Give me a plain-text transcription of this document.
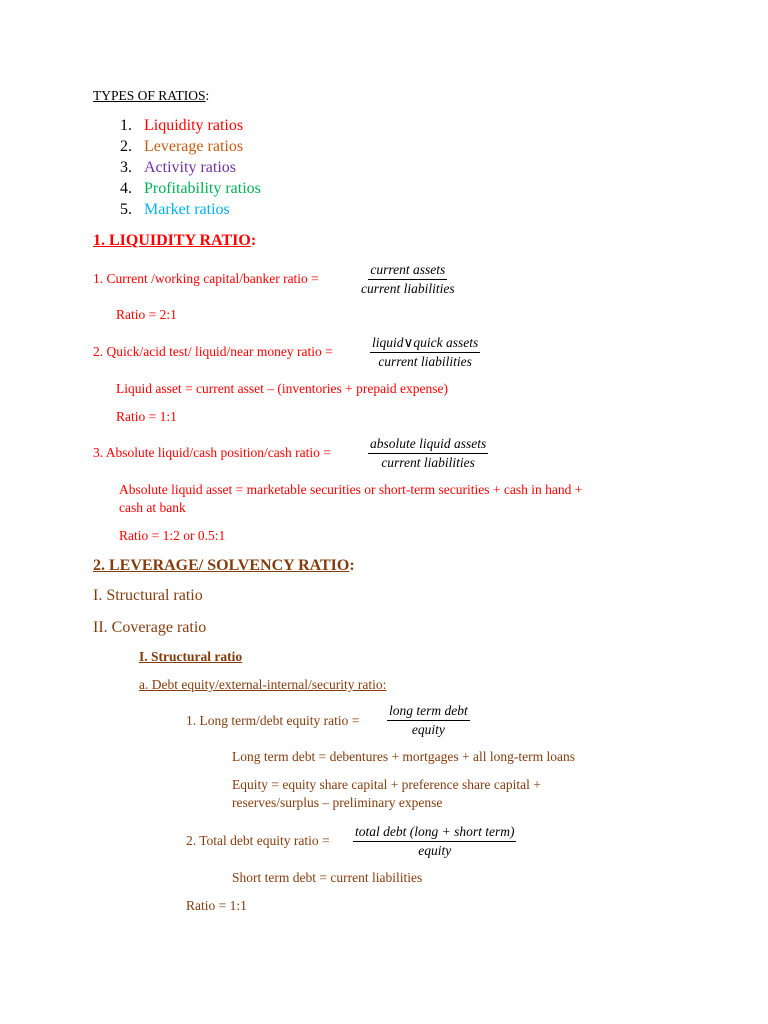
TYPES OF RATIOS:
1. Liquidity ratios
2. Leverage ratios
3. Activity ratios
4. Profitability ratios
5. Market ratios
1. LIQUIDITY RATIO:
1. Current /working capital/banker ratio =
current assets
current liabilities
Ratio = 2:1
2. Quick/acid test/ liquid/near money ratio =
liquid∨quick assets
current liabilities
Liquid asset = current asset – (inventories + prepaid expense)
Ratio = 1:1
3. Absolute liquid/cash position/cash ratio =
absolute liquid assets
current liabilities
Absolute liquid asset = marketable securities or short-term securities + cash in hand +
cash at bank
Ratio = 1:2 or 0.5:1
2. LEVERAGE/ SOLVENCY RATIO:
I. Structural ratio
II. Coverage ratio
I. Structural ratio
a. Debt equity/external-internal/security ratio:
1. Long term/debt equity ratio =
long term debt
equity
Long term debt = debentures + mortgages + all long-term loans
Equity = equity share capital + preference share capital +
reserves/surplus – preliminary expense
2. Total debt equity ratio =
total debt (long + short term)
equity
Short term debt = current liabilities
Ratio = 1:1
